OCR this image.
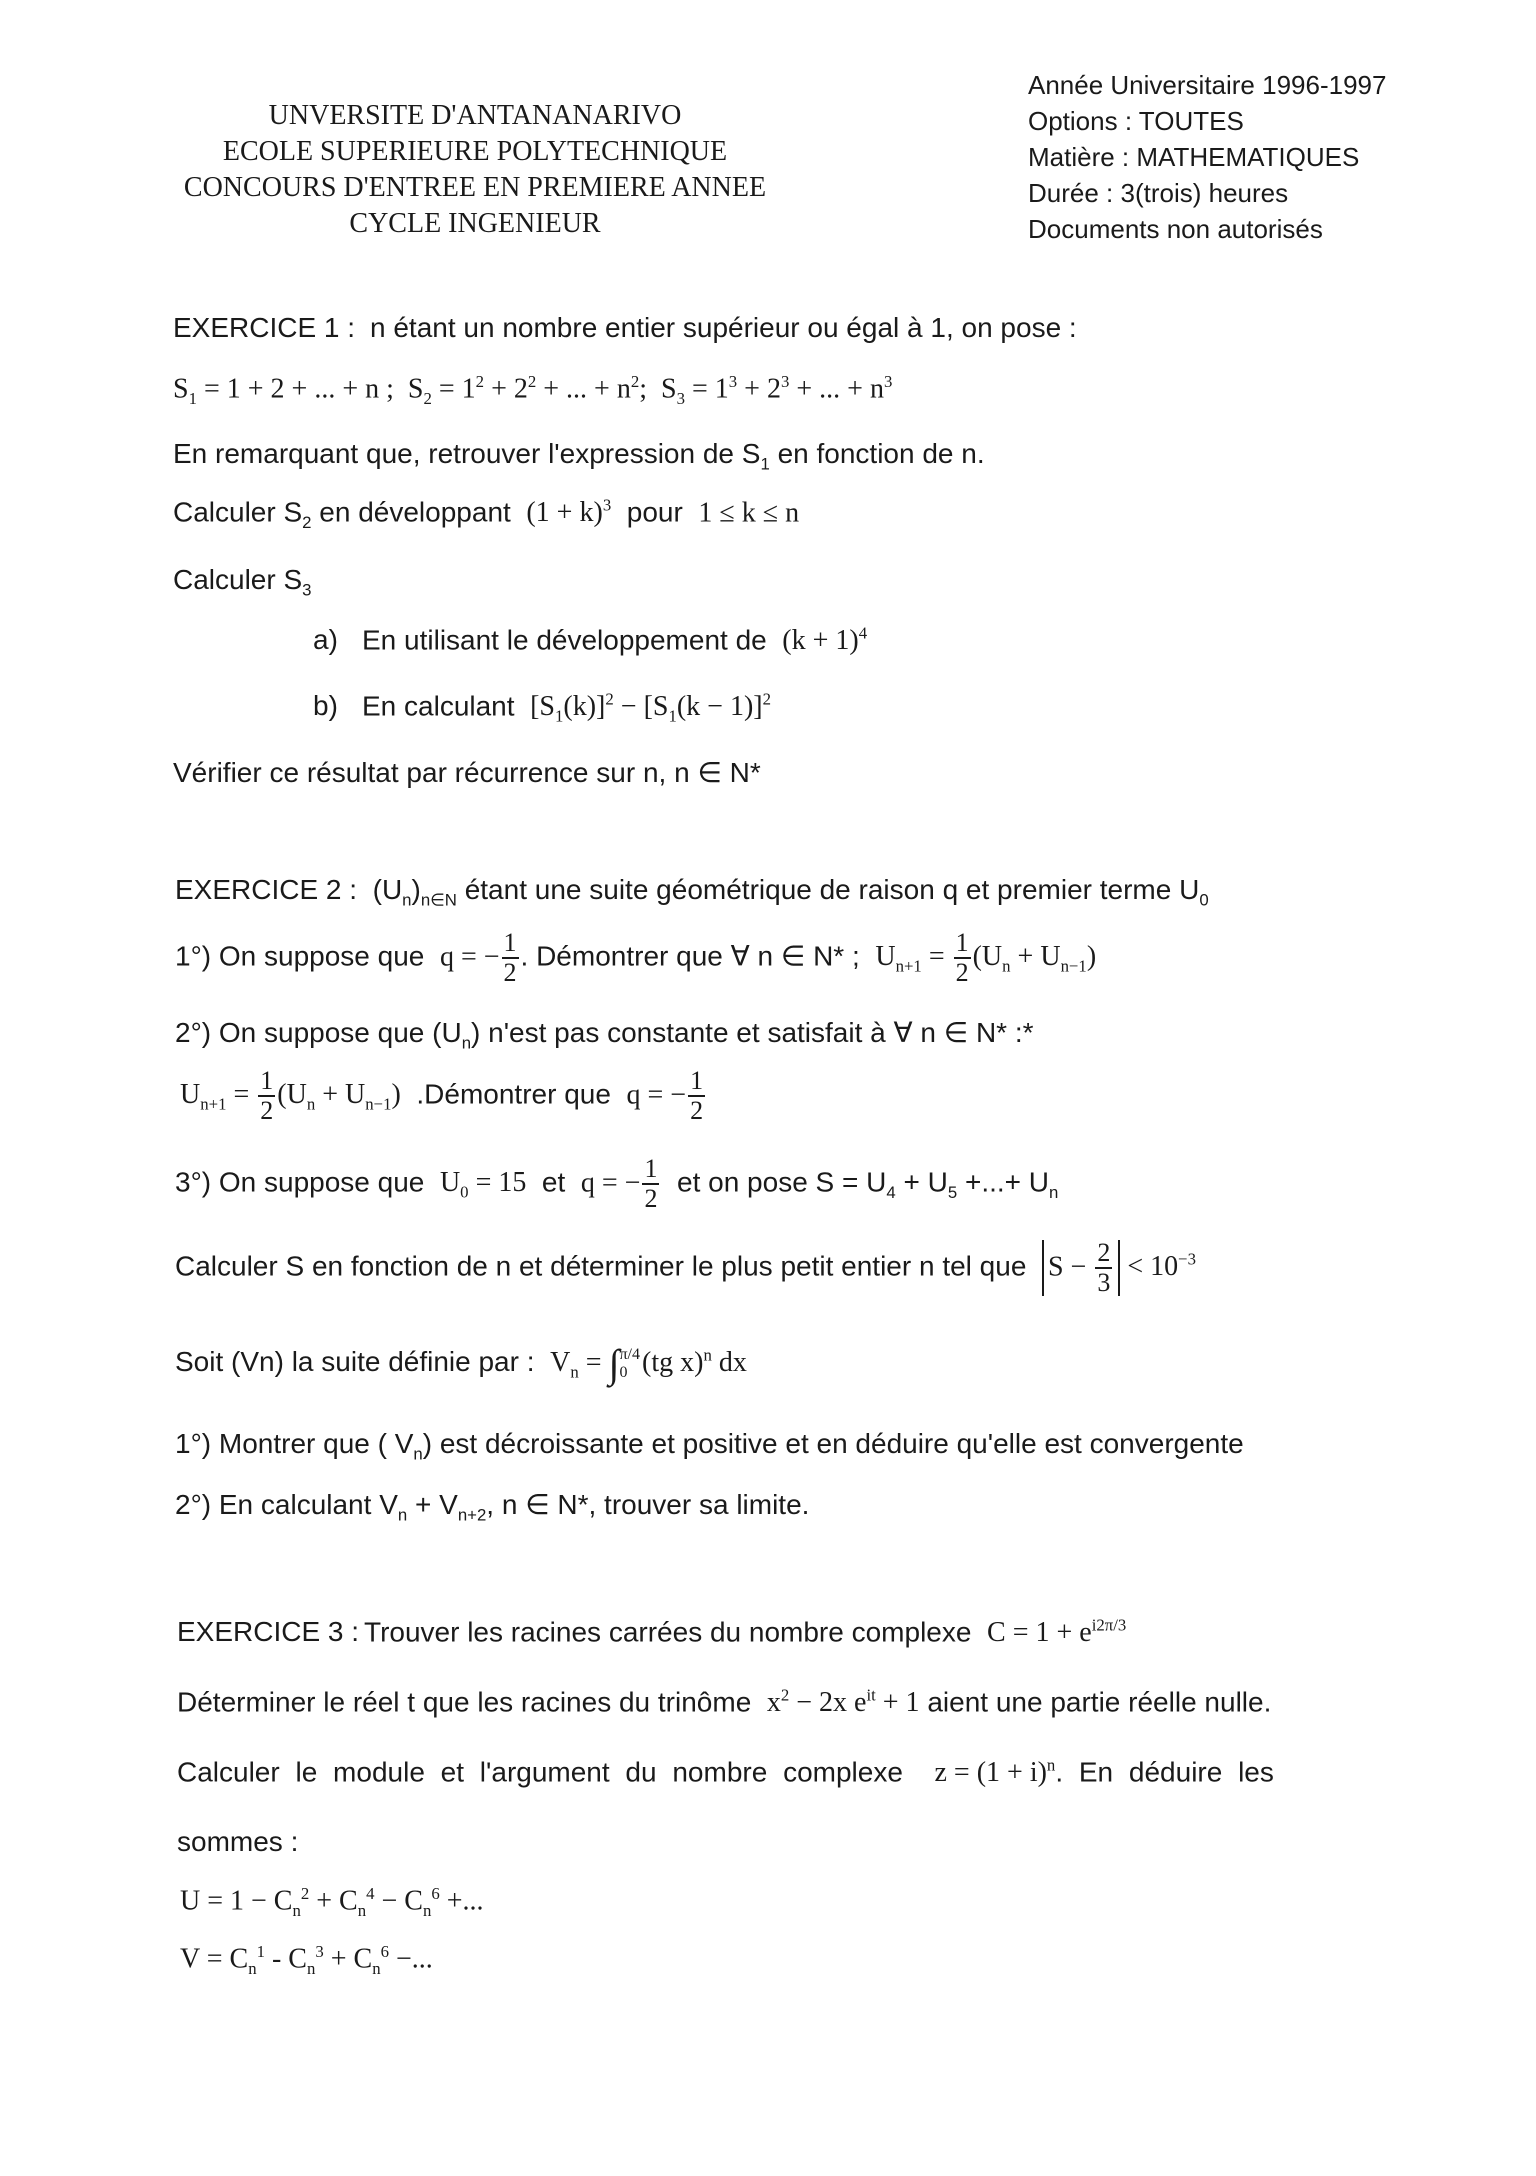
UNVERSITE D'ANTANANARIVO
ECOLE SUPERIEURE POLYTECHNIQUE
CONCOURS D'ENTREE EN PREMIERE ANNEE
CYCLE INGENIEUR
Année Universitaire 1996-1997
Options : TOUTES
Matière : MATHEMATIQUES
Durée : 3(trois) heures
Documents non autorisés
EXERCICE 1 : n étant un nombre entier supérieur ou égal à 1, on pose :
$S_1 = 1 + 2$ + ... + n ;  $S_2 = 1^2 + 2^2$ + ... + $n^2$;  $S_3 = 1^3 + 2^3$ + ... + $n^3$
En remarquant que, retrouver l'expression de $S_1$ en fonction de n.
Calculer $S_2$ en développant $(1 + k)^3$ pour 1 ≤ k ≤ n
Calculer $S_3$
a) En utilisant le développement de $(k + 1)^4$
b) En calculant $[S_1(k)]^2 - [S_1(k - 1)]^2$
Vérifier ce résultat par récurrence sur n, n ∈ N*
EXERCICE 2 :  $(U_n)_{n\in N}$ étant une suite géométrique de raison q et premier terme $U_0$
1°) On suppose que q = − $\frac{1}{2}$ . Démontrer que ∀ n ∈ N* ; $U_{n+1} = \frac{1}{2} (U_n + U_{n-1})$
2°) On suppose que $(U_n)$ n'est pas constante et satisfait à ∀ n ∈ N* :*
$U_{n+1} = \frac{1}{2} (U_n + U_{n-1})$ .Démontrer que q = − $\frac{1}{2}$
3°) On suppose que $U_0 = 15$ et q = − $\frac{1}{2}$ et on pose $S = U_4 + U_5$ +...+ $U_n$
Calculer S en fonction de n et déterminer le plus petit entier n tel que $S - \frac{2}{3} < 10^{-3}$
Soit (Vn) la suite définie par : $V_n$ = ∫ π/4
0 (tg x)$^n$ dx
1°) Montrer que ( $V_n$) est décroissante et positive et en déduire qu'elle est convergente
2°) En calculant $V_n + V_{n+2}$, n ∈ N*, trouver sa limite.
EXERCICE 3 : Trouver les racines carrées du nombre complexe $C = 1 + e^{i2\pi/3}$
Déterminer le réel t que les racines du trinôme $x^2 - 2x$ $e^{it} + 1$ aient une partie réelle nulle.
Calculer le module et l'argument du nombre complexe $z = (1 + i)^n$. En déduire les
sommes :
$U = 1 - C_n^2 + C_n^4 - C_n^6$ +...
$V = C_n^1 - C_n^3 + C_n^6$ −...
